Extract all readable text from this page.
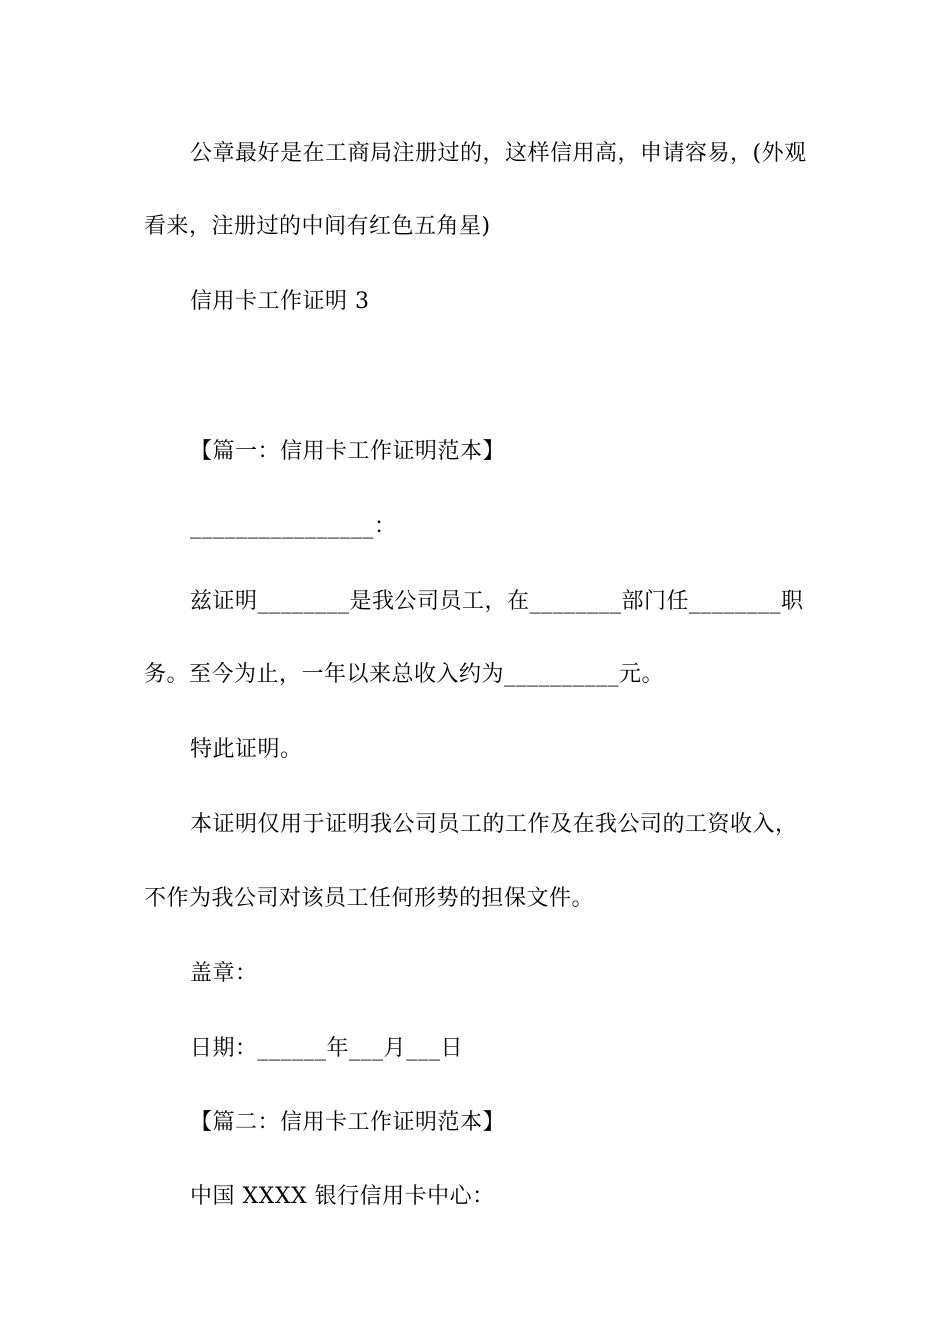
公章最好是在工商局注册过的，这样信用高，申请容易，(外观
看来，注册过的中间有红色五角星)
信用卡工作证明 3
【篇一：信用卡工作证明范本】
________________：
兹证明________是我公司员工，在________部门任________职
务。至今为止，一年以来总收入约为__________元。
特此证明。
本证明仅用于证明我公司员工的工作及在我公司的工资收入，
不作为我公司对该员工任何形势的担保文件。
盖章：
日期：______年___月___日
【篇二：信用卡工作证明范本】
中国 XXXX 银行信用卡中心：
